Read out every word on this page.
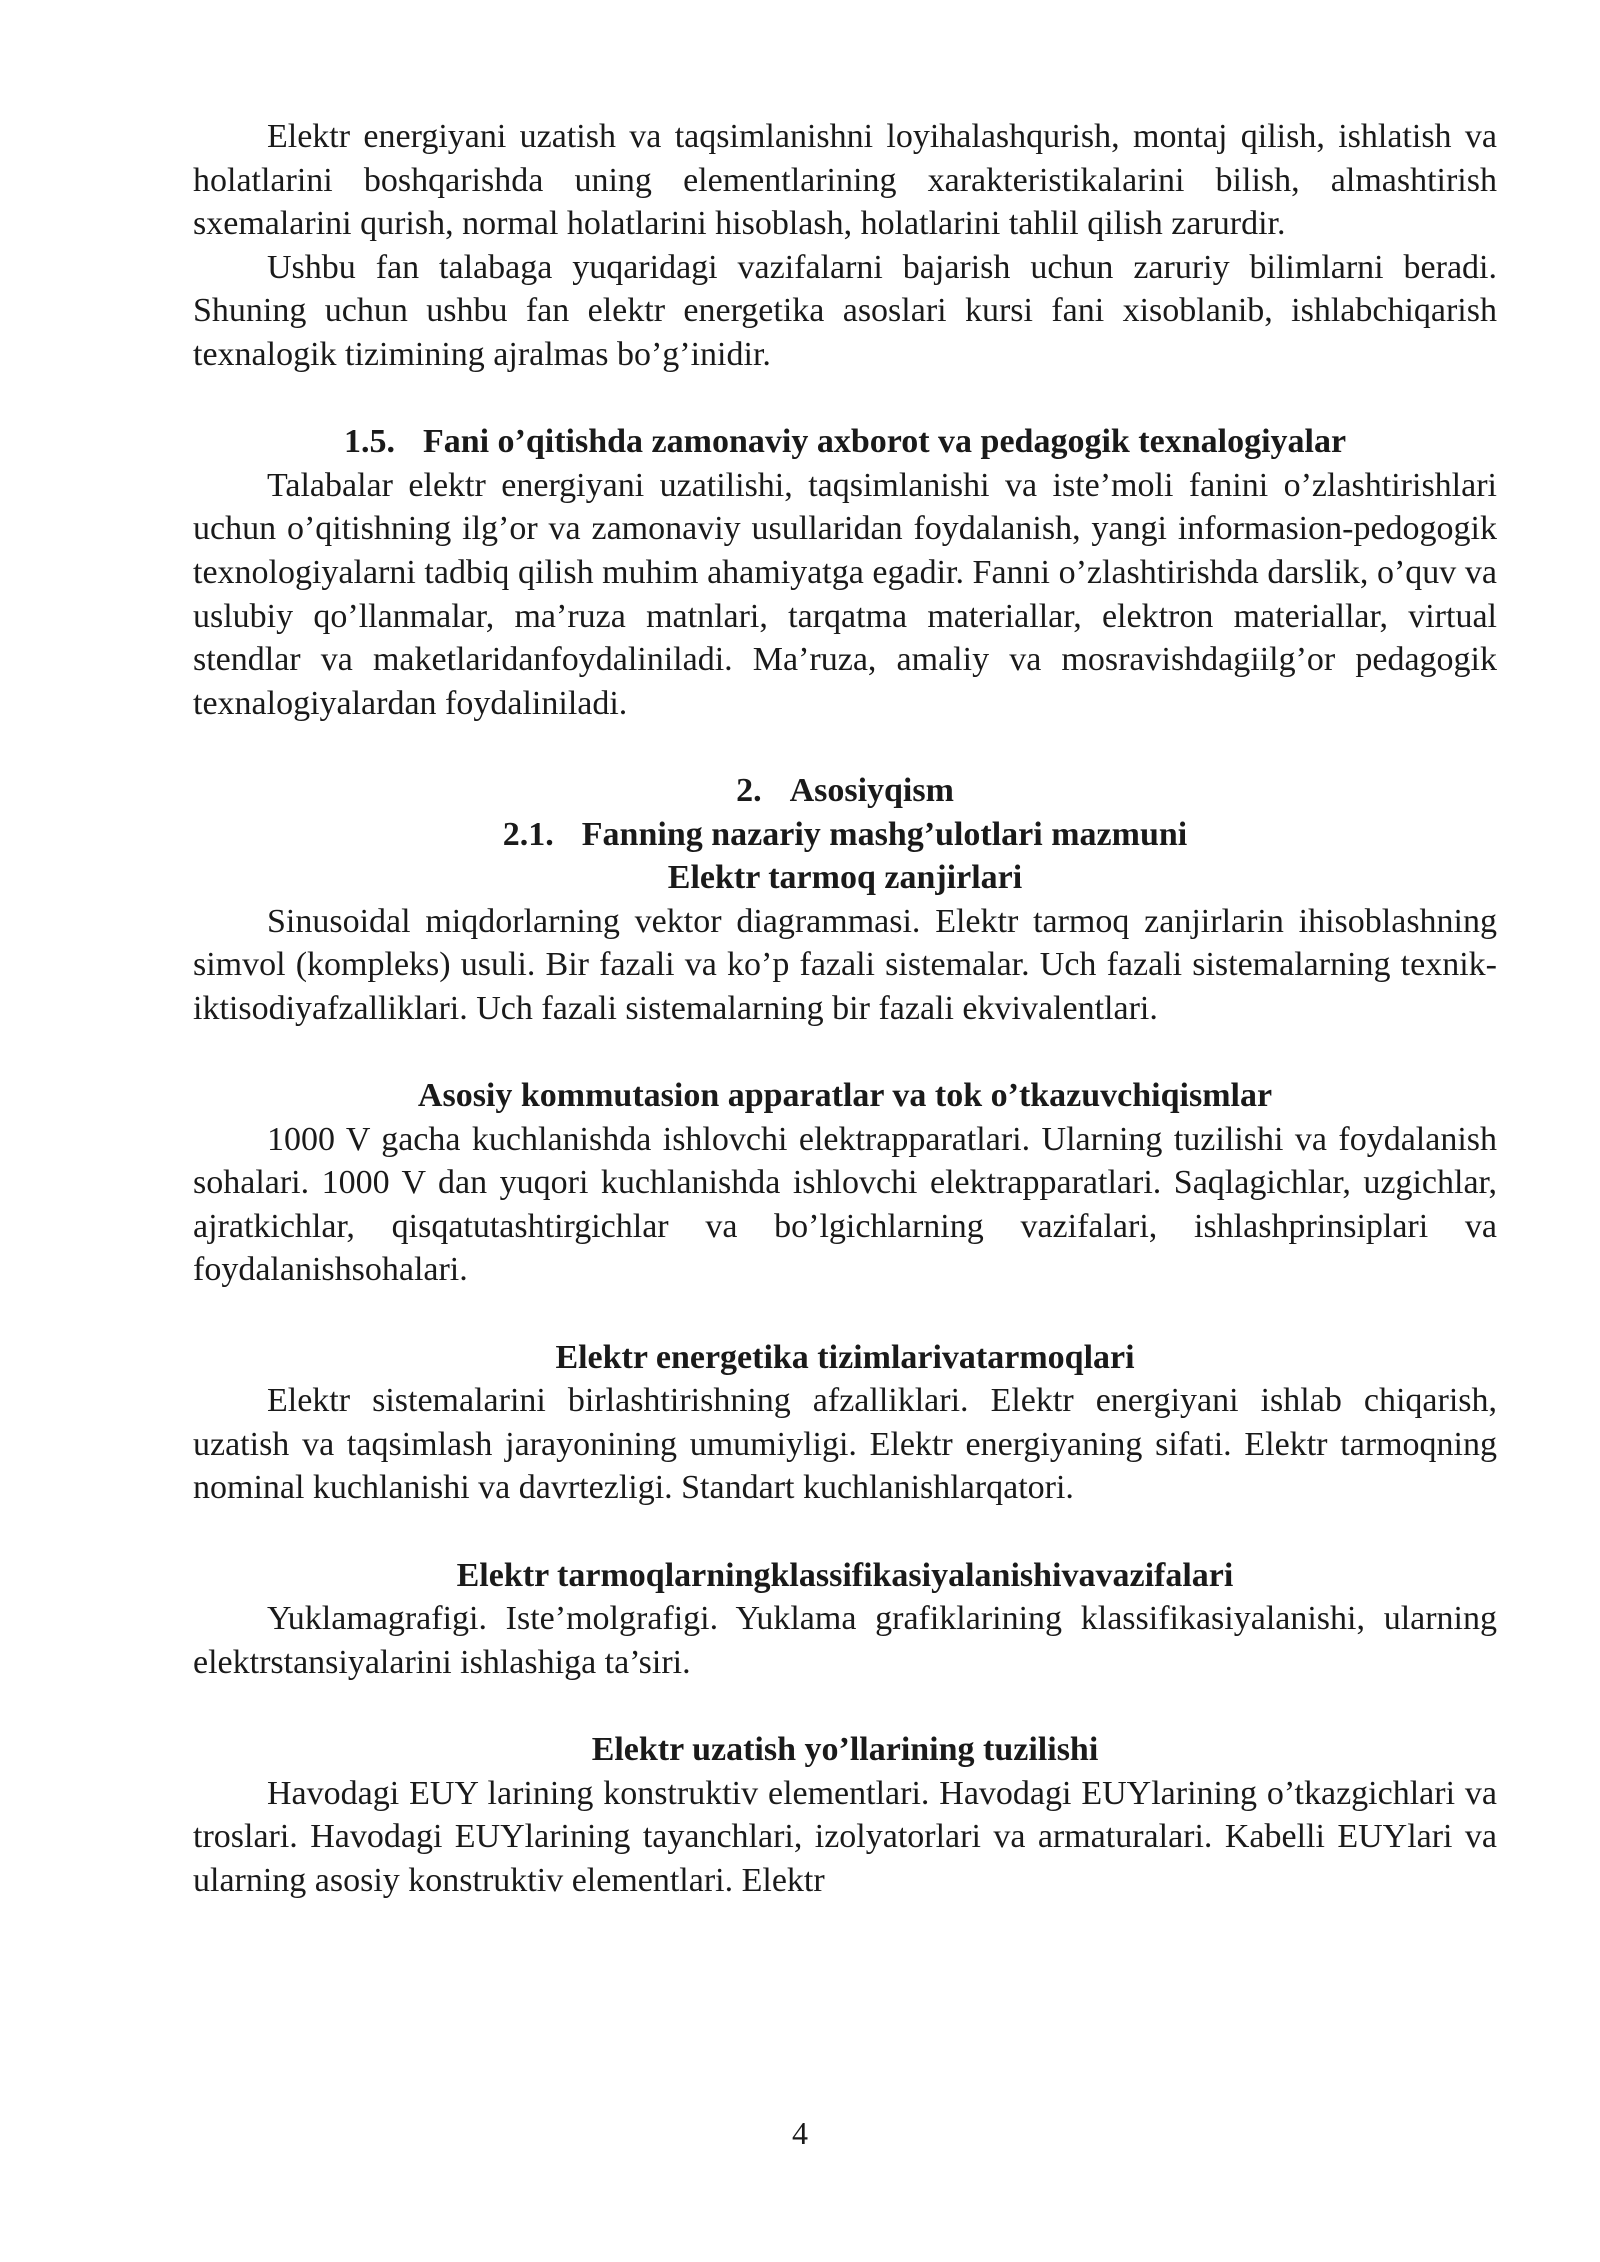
Elektr energiyani uzatish va taqsimlanishni loyihalashqurish, montaj qilish, ishlatish va holatlarini boshqarishda uning elementlarining xarakteristikalarini bilish, almashtirish sxemalarini qurish, normal holatlarini hisoblash, holatlarini tahlil qilish zarurdir.

Ushbu fan talabaga yuqaridagi vazifalarni bajarish uchun zaruriy bilimlarni beradi. Shuning uchun ushbu fan elektr energetika asoslari kursi fani xisoblanib, ishlabchiqarish texnalogik tizimining ajralmas bo’g’inidir.

1.5. Fani o’qitishda zamonaviy axborot va pedagogik texnalogiyalar

Talabalar elektr energiyani uzatilishi, taqsimlanishi va iste’moli fanini o’zlashtirishlari uchun o’qitishning ilg’or va zamonaviy usullaridan foydalanish, yangi informasion-pedogogik texnologiyalarni tadbiq qilish muhim ahamiyatga egadir. Fanni o’zlashtirishda darslik, o’quv va uslubiy qo’llanmalar, ma’ruza matnlari, tarqatma materiallar, elektron materiallar, virtual stendlar va maketlaridanfoydaliniladi. Ma’ruza, amaliy va mosravishdagiilg’or pedagogik texnalogiyalardan foydaliniladi.

2. Asosiyqism
2.1. Fanning nazariy mashg’ulotlari mazmuni
Elektr tarmoq zanjirlari

Sinusoidal miqdorlarning vektor diagrammasi. Elektr tarmoq zanjirlarin ihisoblashning simvol (kompleks) usuli. Bir fazali va ko’p fazali sistemalar. Uch fazali sistemalarning texnik-iktisodiyafzalliklari. Uch fazali sistemalarning bir fazali ekvivalentlari.

Asosiy kommutasion apparatlar va tok o’tkazuvchiqismlar

1000 V gacha kuchlanishda ishlovchi elektrapparatlari. Ularning tuzilishi va foydalanish sohalari. 1000 V dan yuqori kuchlanishda ishlovchi elektrapparatlari. Saqlagichlar, uzgichlar, ajratkichlar, qisqatutashtirgichlar va bo’lgichlarning vazifalari, ishlashprinsiplari va foydalanishsohalari.

Elektr energetika tizimlarivatarmoqlari

Elektr sistemalarini birlashtirishning afzalliklari. Elektr energiyani ishlab chiqarish, uzatish va taqsimlash jarayonining umumiyligi. Elektr energiyaning sifati. Elektr tarmoqning nominal kuchlanishi va davrtezligi. Standart kuchlanishlarqatori.

Elektr tarmoqlarningklassifikasiyalanishivavazifalari

Yuklamagrafigi. Iste’molgrafigi. Yuklama grafiklarining klassifikasiyalanishi, ularning elektrstansiyalarini ishlashiga ta’siri.

Elektr uzatish yo’llarining tuzilishi

Havodagi EUY larining konstruktiv elementlari. Havodagi EUYlarining o’tkazgichlari va troslari. Havodagi EUYlarining tayanchlari, izolyatorlari va armaturalari. Kabelli EUYlari va ularning asosiy konstruktiv elementlari. Elektr

4
